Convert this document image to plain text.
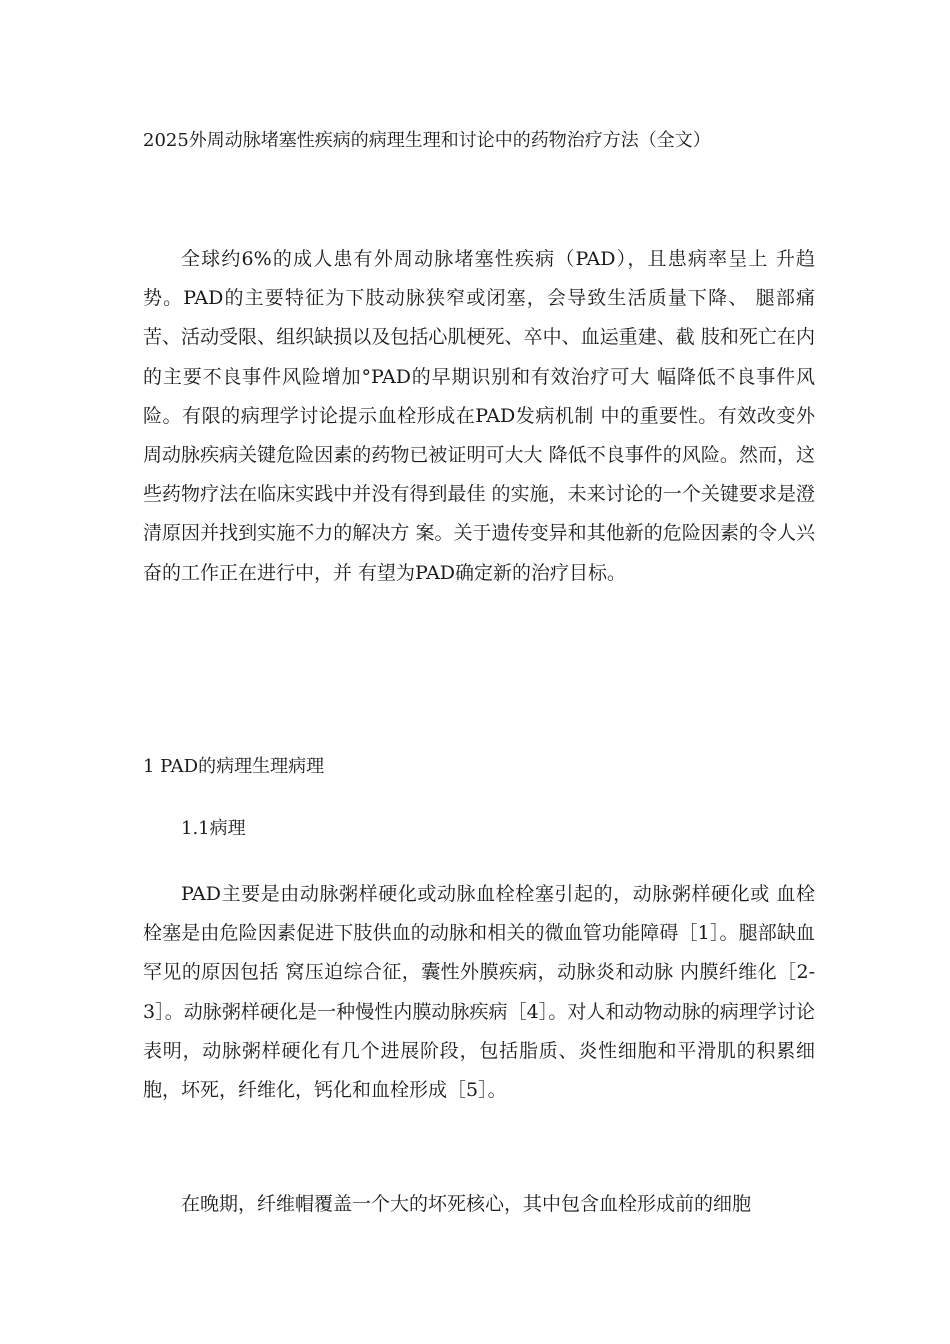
2025外周动脉堵塞性疾病的病理生理和讨论中的药物治疗方法（全文）

全球约6%的成人患有外周动脉堵塞性疾病（PAD），且患病率呈上 升趋势。PAD的主要特征为下肢动脉狭窄或闭塞，会导致生活质量下降、 腿部痛苦、活动受限、组织缺损以及包括心肌梗死、卒中、血运重建、截 肢和死亡在内的主要不良事件风险增加°PAD的早期识别和有效治疗可大 幅降低不良事件风险。有限的病理学讨论提示血栓形成在PAD发病机制 中的重要性。有效改变外周动脉疾病关键危险因素的药物已被证明可大大 降低不良事件的风险。然而，这些药物疗法在临床实践中并没有得到最佳 的实施，未来讨论的一个关键要求是澄清原因并找到实施不力的解决方 案。关于遗传变异和其他新的危险因素的令人兴奋的工作正在进行中，并 有望为PAD确定新的治疗目标。

1 PAD的病理生理病理
1.1病理

PAD主要是由动脉粥样硬化或动脉血栓栓塞引起的，动脉粥样硬化或 血栓栓塞是由危险因素促进下肢供血的动脉和相关的微血管功能障碍［1］。腿部缺血罕见的原因包括 窝压迫综合征，囊性外膜疾病，动脉炎和动脉 内膜纤维化［2-3］。动脉粥样硬化是一种慢性内膜动脉疾病［4］。对人和动物动脉的病理学讨论表明，动脉粥样硬化有几个进展阶段，包括脂质、炎性细胞和平滑肌的积累细胞，坏死，纤维化，钙化和血栓形成［5］。

在晚期，纤维帽覆盖一个大的坏死核心，其中包含血栓形成前的细胞
